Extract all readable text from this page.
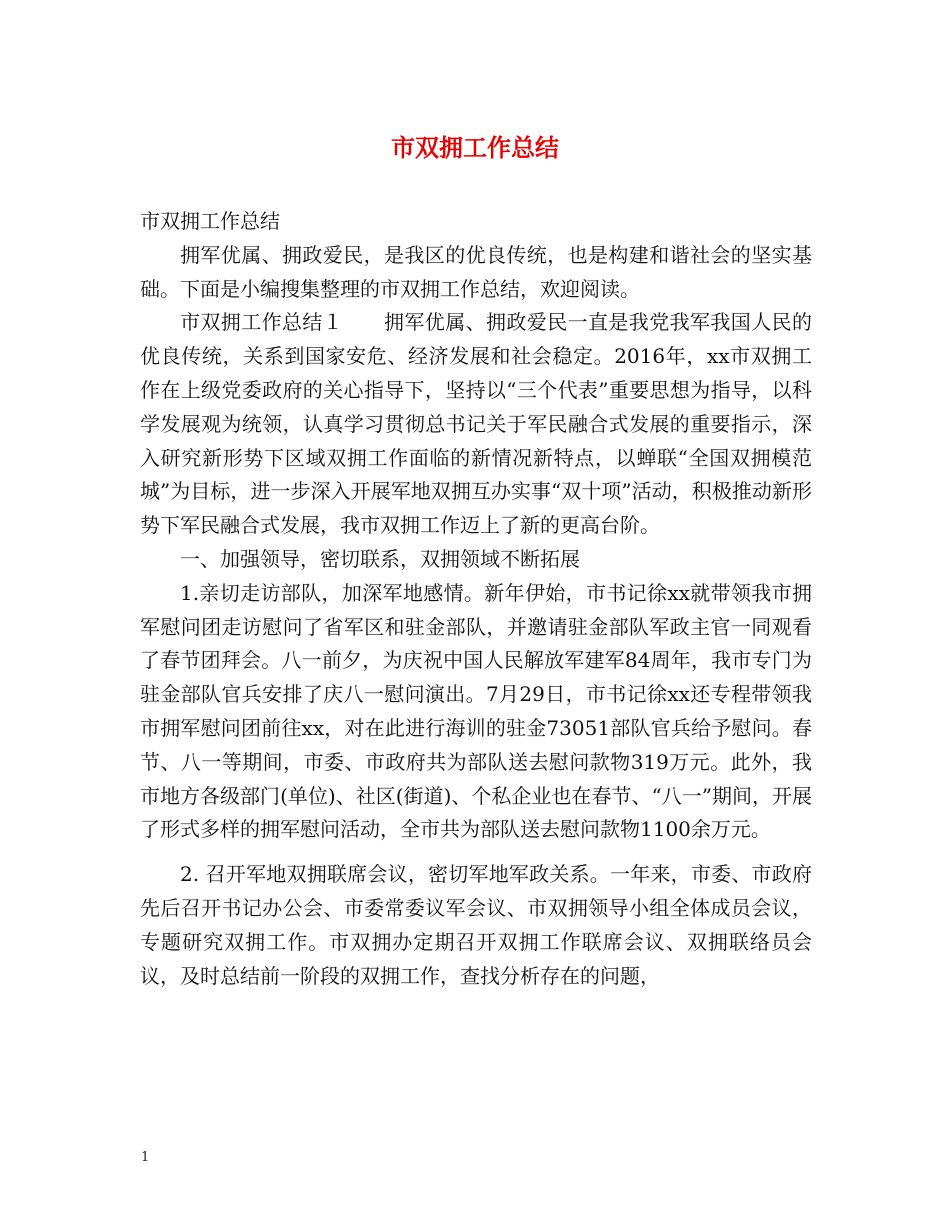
市双拥工作总结

市双拥工作总结

拥军优属、拥政爱民，是我区的优良传统，也是构建和谐社会的坚实基础。下面是小编搜集整理的市双拥工作总结，欢迎阅读。

市双拥工作总结１　　拥军优属、拥政爱民一直是我党我军我国人民的优良传统，关系到国家安危、经济发展和社会稳定。2016年，xx市双拥工作在上级党委政府的关心指导下，坚持以“三个代表”重要思想为指导，以科学发展观为统领，认真学习贯彻总书记关于军民融合式发展的重要指示，深入研究新形势下区域双拥工作面临的新情况新特点，以蝉联“全国双拥模范城”为目标，进一步深入开展军地双拥互办实事“双十项”活动，积极推动新形势下军民融合式发展，我市双拥工作迈上了新的更高台阶。

一、加强领导，密切联系，双拥领域不断拓展

1.亲切走访部队，加深军地感情。新年伊始，市书记徐xx就带领我市拥军慰问团走访慰问了省军区和驻金部队，并邀请驻金部队军政主官一同观看了春节团拜会。八一前夕，为庆祝中国人民解放军建军84周年，我市专门为驻金部队官兵安排了庆八一慰问演出。7月29日，市书记徐xx还专程带领我市拥军慰问团前往xx，对在此进行海训的驻金73051部队官兵给予慰问。春节、八一等期间，市委、市政府共为部队送去慰问款物319万元。此外，我市地方各级部门(单位)、社区(街道)、个私企业也在春节、“八一”期间，开展了形式多样的拥军慰问活动，全市共为部队送去慰问款物1100余万元。

2. 召开军地双拥联席会议，密切军地军政关系。一年来，市委、市政府先后召开书记办公会、市委常委议军会议、市双拥领导小组全体成员会议，专题研究双拥工作。市双拥办定期召开双拥工作联席会议、双拥联络员会议，及时总结前一阶段的双拥工作，查找分析存在的问题，

1
